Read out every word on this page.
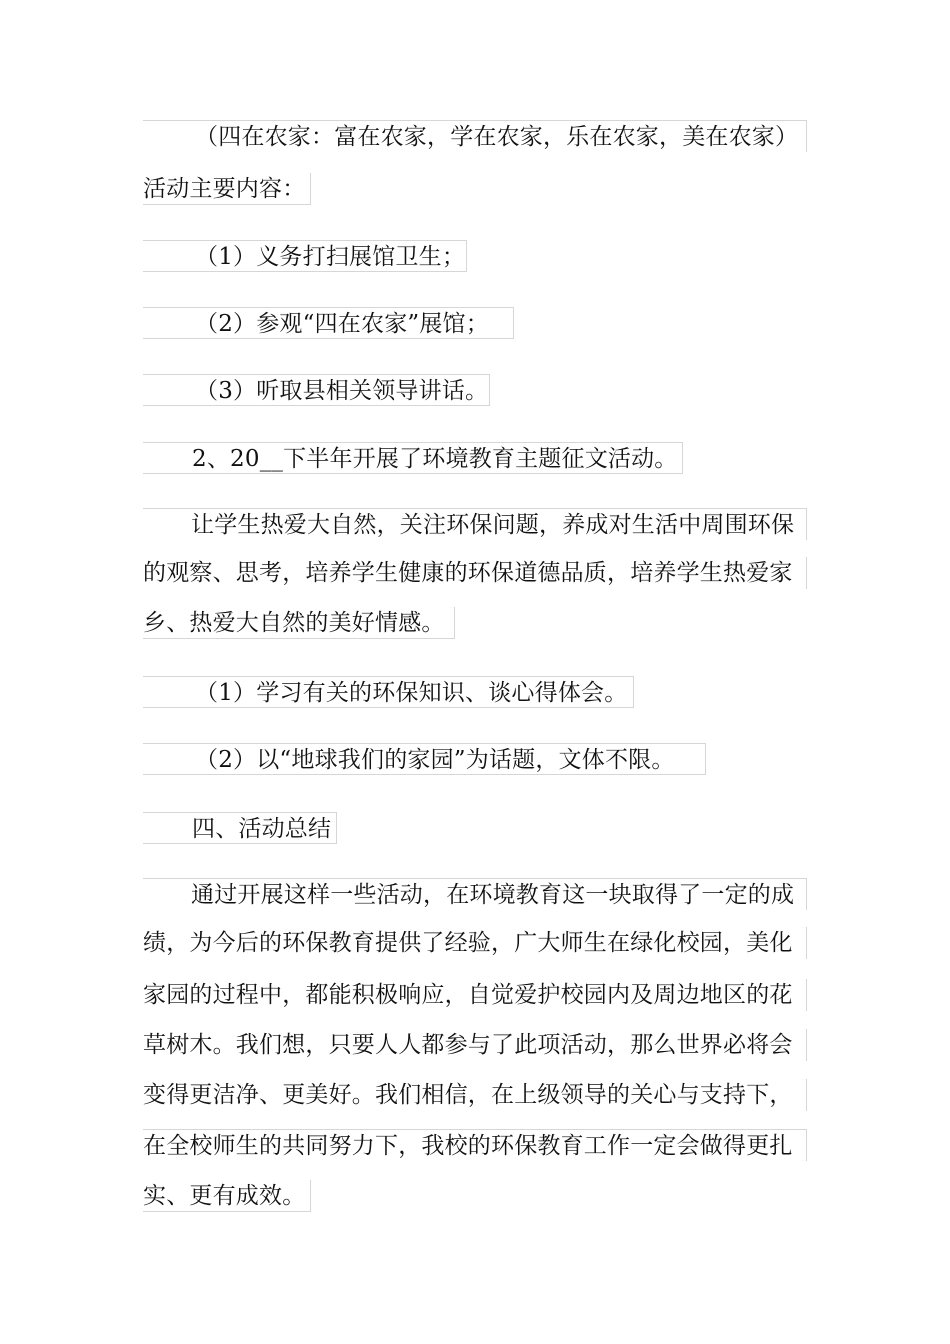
（四在农家：富在农家，学在农家，乐在农家，美在农家）
活动主要内容：
（1）义务打扫展馆卫生；
（2）参观“四在农家”展馆；
（3）听取县相关领导讲话。
2、20__下半年开展了环境教育主题征文活动。
让学生热爱大自然，关注环保问题，养成对生活中周围环保
的观察、思考，培养学生健康的环保道德品质，培养学生热爱家
乡、热爱大自然的美好情感。
（1）学习有关的环保知识、谈心得体会。
（2）以“地球我们的家园”为话题，文体不限。
四、活动总结
通过开展这样一些活动，在环境教育这一块取得了一定的成
绩，为今后的环保教育提供了经验，广大师生在绿化校园，美化
家园的过程中，都能积极响应，自觉爱护校园内及周边地区的花
草树木。我们想，只要人人都参与了此项活动，那么世界必将会
变得更洁净、更美好。我们相信，在上级领导的关心与支持下，
在全校师生的共同努力下，我校的环保教育工作一定会做得更扎
实、更有成效。
